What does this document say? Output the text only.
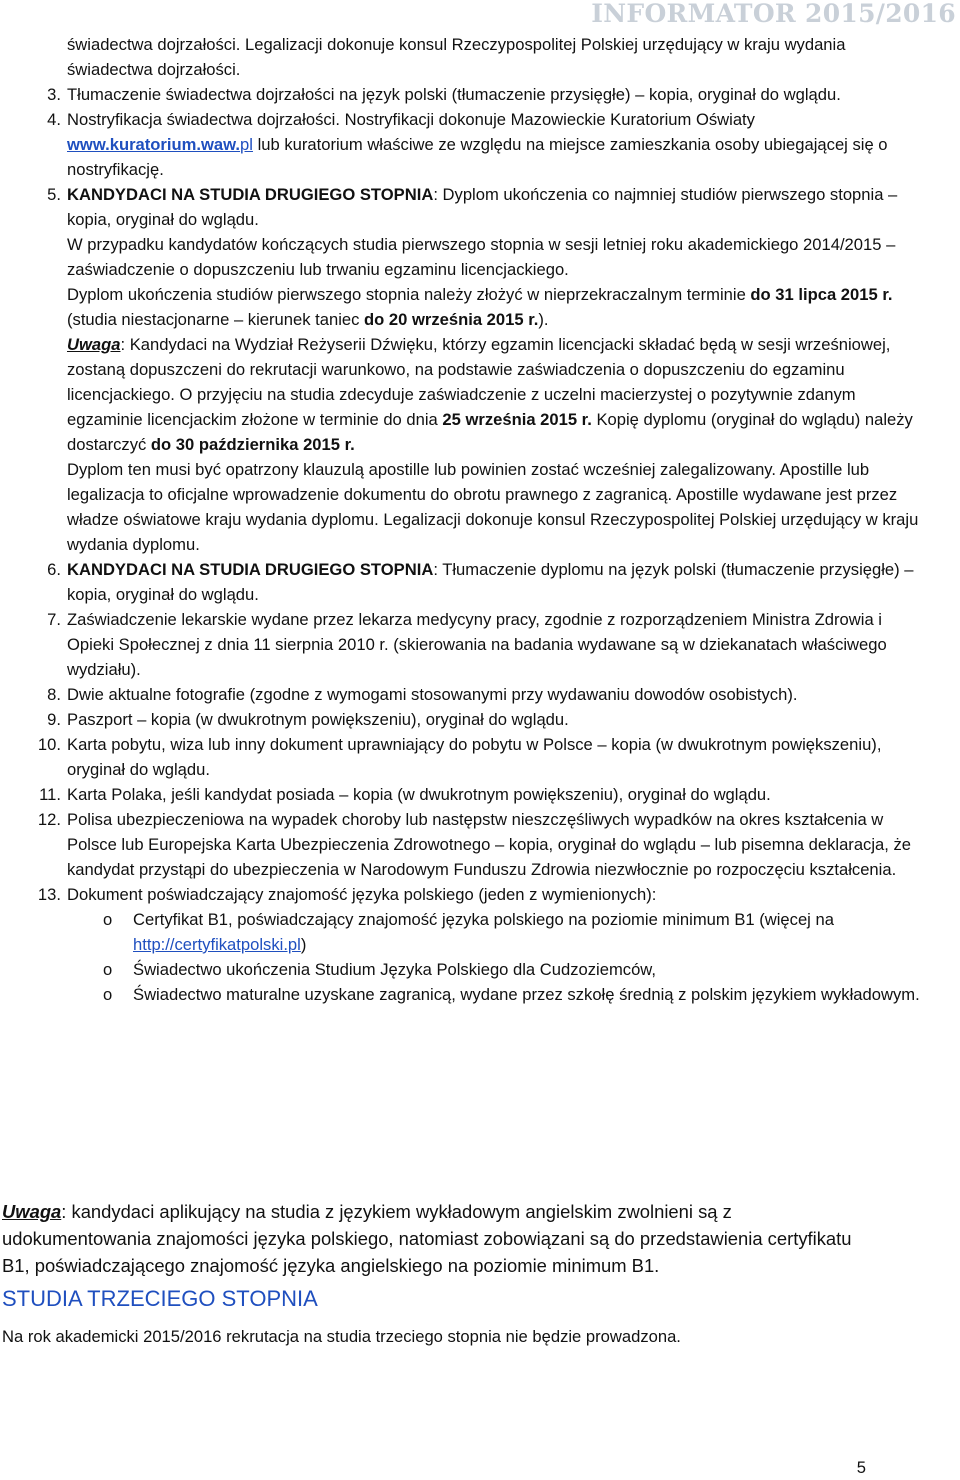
INFORMATOR 2015/2016

świadectwa dojrzałości. Legalizacji dokonuje konsul Rzeczypospolitej Polskiej urzędujący w kraju wydania świadectwa dojrzałości.

3. Tłumaczenie świadectwa dojrzałości na język polski (tłumaczenie przysięgłe) – kopia, oryginał do wglądu.

4. Nostryfikacja świadectwa dojrzałości. Nostryfikacji dokonuje Mazowieckie Kuratorium Oświaty www.kuratorium.waw.pl lub kuratorium właściwe ze względu na miejsce zamieszkania osoby ubiegającej się o nostryfikację.

5. KANDYDACI NA STUDIA DRUGIEGO STOPNIA: Dyplom ukończenia co najmniej studiów pierwszego stopnia – kopia, oryginał do wglądu.

W przypadku kandydatów kończących studia pierwszego stopnia w sesji letniej roku akademickiego 2014/2015 – zaświadczenie o dopuszczeniu lub trwaniu egzaminu licencjackiego.

Dyplom ukończenia studiów pierwszego stopnia należy złożyć w nieprzekraczalnym terminie do 31 lipca 2015 r. (studia niestacjonarne – kierunek taniec do 20 września 2015 r.).

Uwaga: Kandydaci na Wydział Reżyserii Dźwięku, którzy egzamin licencjacki składać będą w sesji wrześniowej, zostaną dopuszczeni do rekrutacji warunkowo, na podstawie zaświadczenia o dopuszczeniu do egzaminu licencjackiego. O przyjęciu na studia zdecyduje zaświadczenie z uczelni macierzystej o pozytywnie zdanym egzaminie licencjackim złożone w terminie do dnia 25 września 2015 r. Kopię dyplomu (oryginał do wglądu) należy dostarczyć do 30 października 2015 r.

Dyplom ten musi być opatrzony klauzulą apostille lub powinien zostać wcześniej zalegalizowany. Apostille lub legalizacja to oficjalne wprowadzenie dokumentu do obrotu prawnego z zagranicą. Apostille wydawane jest przez władze oświatowe kraju wydania dyplomu. Legalizacji dokonuje konsul Rzeczypospolitej Polskiej urzędujący w kraju wydania dyplomu.

6. KANDYDACI NA STUDIA DRUGIEGO STOPNIA: Tłumaczenie dyplomu na język polski (tłumaczenie przysięgłe) – kopia, oryginał do wglądu.

7. Zaświadczenie lekarskie wydane przez lekarza medycyny pracy, zgodnie z rozporządzeniem Ministra Zdrowia i Opieki Społecznej z dnia 11 sierpnia 2010 r. (skierowania na badania wydawane są w dziekanatach właściwego wydziału).

8. Dwie aktualne fotografie (zgodne z wymogami stosowanymi przy wydawaniu dowodów osobistych).

9. Paszport – kopia (w dwukrotnym powiększeniu), oryginał do wglądu.

10. Karta pobytu, wiza lub inny dokument uprawniający do pobytu w Polsce – kopia (w dwukrotnym powiększeniu), oryginał do wglądu.

11. Karta Polaka, jeśli kandydat posiada – kopia (w dwukrotnym powiększeniu), oryginał do wglądu.

12. Polisa ubezpieczeniowa na wypadek choroby lub następstw nieszczęśliwych wypadków na okres kształcenia w Polsce lub Europejska Karta Ubezpieczenia Zdrowotnego – kopia, oryginał do wglądu – lub pisemna deklaracja, że kandydat przystąpi do ubezpieczenia w Narodowym Funduszu Zdrowia niezwłocznie po rozpoczęciu kształcenia.

13. Dokument poświadczający znajomość języka polskiego (jeden z wymienionych):

o Certyfikat B1, poświadczający znajomość języka polskiego na poziomie minimum B1 (więcej na http://certyfikatpolski.pl)

o Świadectwo ukończenia Studium Języka Polskiego dla Cudzoziemców,

o Świadectwo maturalne uzyskane zagranicą, wydane przez szkołę średnią z polskim językiem wykładowym.

Uwaga: kandydaci aplikujący na studia z językiem wykładowym angielskim zwolnieni są z udokumentowania znajomości języka polskiego, natomiast zobowiązani są do przedstawienia certyfikatu B1, poświadczającego znajomość języka angielskiego na poziomie minimum B1.

STUDIA TRZECIEGO STOPNIA

Na rok akademicki 2015/2016 rekrutacja na studia trzeciego stopnia nie będzie prowadzona.

5
